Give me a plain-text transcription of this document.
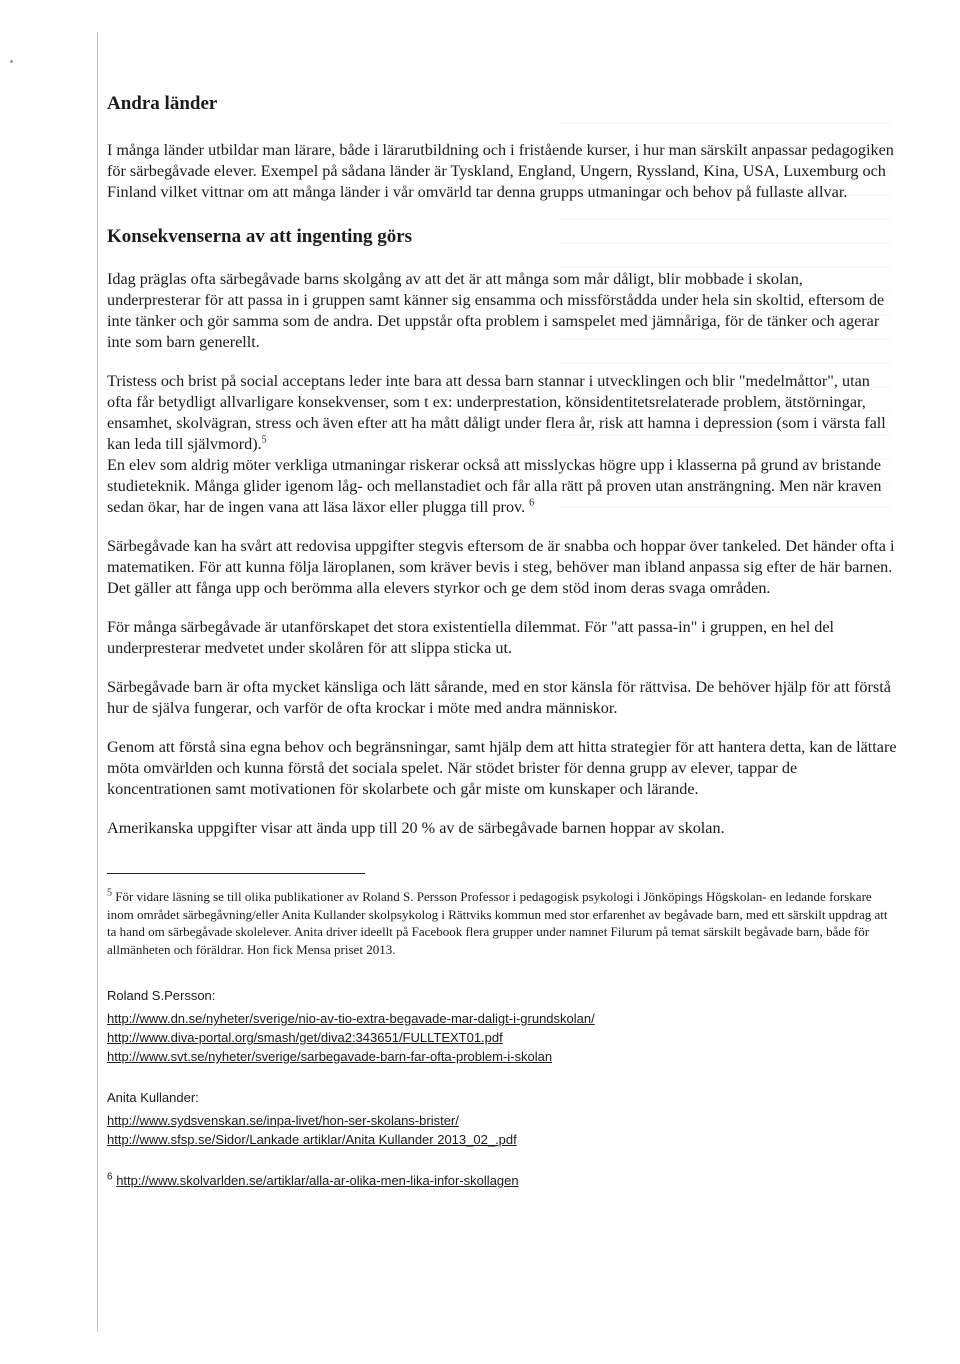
Andra länder

I många länder utbildar man lärare, både i lärarutbildning och i fristående kurser, i hur man särskilt anpassar pedagogiken för särbegåvade elever. Exempel på sådana länder är Tyskland, England, Ungern, Ryssland, Kina, USA, Luxemburg och Finland vilket vittnar om att många länder i vår omvärld tar denna grupps utmaningar och behov på fullaste allvar.

Konsekvenserna av att ingenting görs

Idag präglas ofta särbegåvade barns skolgång av att det är att många som mår dåligt, blir mobbade i skolan, underpresterar för att passa in i gruppen samt känner sig ensamma och missförstådda under hela sin skoltid, eftersom de inte tänker och gör samma som de andra. Det uppstår ofta problem i samspelet med jämnåriga, för de tänker och agerar inte som barn generellt.

Tristess och brist på social acceptans leder inte bara att dessa barn stannar i utvecklingen och blir "medelmåttor", utan ofta får betydligt allvarligare konsekvenser, som t ex: underprestation, könsidentitetsrelaterade problem, ätstörningar, ensamhet, skolvägran, stress och även efter att ha mått dåligt under flera år, risk att hamna i depression (som i värsta fall kan leda till självmord).$^5$

En elev som aldrig möter verkliga utmaningar riskerar också att misslyckas högre upp i klasserna på grund av bristande studieteknik. Många glider igenom låg- och mellanstadiet och får alla rätt på proven utan ansträngning. Men när kraven sedan ökar, har de ingen vana att läsa läxor eller plugga till prov. $^6$

Särbegåvade kan ha svårt att redovisa uppgifter stegvis eftersom de är snabba och hoppar över tankeled. Det händer ofta i matematiken. För att kunna följa läroplanen, som kräver bevis i steg, behöver man ibland anpassa sig efter de här barnen. Det gäller att fånga upp och berömma alla elevers styrkor och ge dem stöd inom deras svaga områden.

För många särbegåvade är utanförskapet det stora existentiella dilemmat. För "att passa-in" i gruppen, en hel del underpresterar medvetet under skolåren för att slippa sticka ut.

Särbegåvade barn är ofta mycket känsliga och lätt sårande, med en stor känsla för rättvisa. De behöver hjälp för att förstå hur de själva fungerar, och varför de ofta krockar i möte med andra människor.

Genom att förstå sina egna behov och begränsningar, samt hjälp dem att hitta strategier för att hantera detta, kan de lättare möta omvärlden och kunna förstå det sociala spelet. När stödet brister för denna grupp av elever, tappar de koncentrationen samt motivationen för skolarbete och går miste om kunskaper och lärande.

Amerikanska uppgifter visar att ända upp till 20 % av de särbegåvade barnen hoppar av skolan.

$^5$ För vidare läsning se till olika publikationer av Roland S. Persson Professor i pedagogisk psykologi i Jönköpings Högskolan- en ledande forskare inom området särbegåvning/eller Anita Kullander skolpsykolog i Rättviks kommun med stor erfarenhet av begåvade barn, med ett särskilt uppdrag att ta hand om särbegåvade skolelever. Anita driver ideellt på Facebook flera grupper under namnet Filurum på temat särskilt begåvade barn, både för allmänheten och föräldrar. Hon fick Mensa priset 2013.

Roland S.Persson:
http://www.dn.se/nyheter/sverige/nio-av-tio-extra-begavade-mar-daligt-i-grundskolan/
http://www.diva-portal.org/smash/get/diva2:343651/FULLTEXT01.pdf
http://www.svt.se/nyheter/sverige/sarbegavade-barn-far-ofta-problem-i-skolan
Anita Kullander:
http://www.sydsvenskan.se/inpa-livet/hon-ser-skolans-brister/
http://www.sfsp.se/Sidor/Lankade artiklar/Anita Kullander 2013_02_.pdf
$^6$ http://www.skolvarlden.se/artiklar/alla-ar-olika-men-lika-infor-skollagen
